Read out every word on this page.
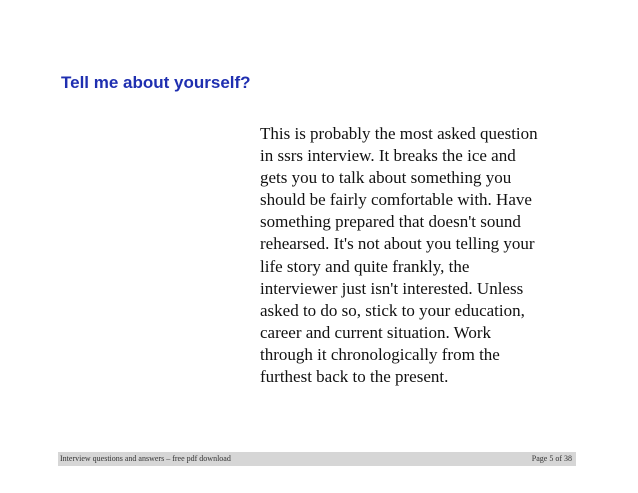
Tell me about yourself?

This is probably the most asked question
in ssrs interview. It breaks the ice and
gets you to talk about something you
should be fairly comfortable with. Have
something prepared that doesn't sound
rehearsed. It's not about you telling your
life story and quite frankly, the
interviewer just isn't interested. Unless
asked to do so, stick to your education,
career and current situation. Work
through it chronologically from the
furthest back to the present.

Interview questions and answers – free pdf download	Page 5 of 38
